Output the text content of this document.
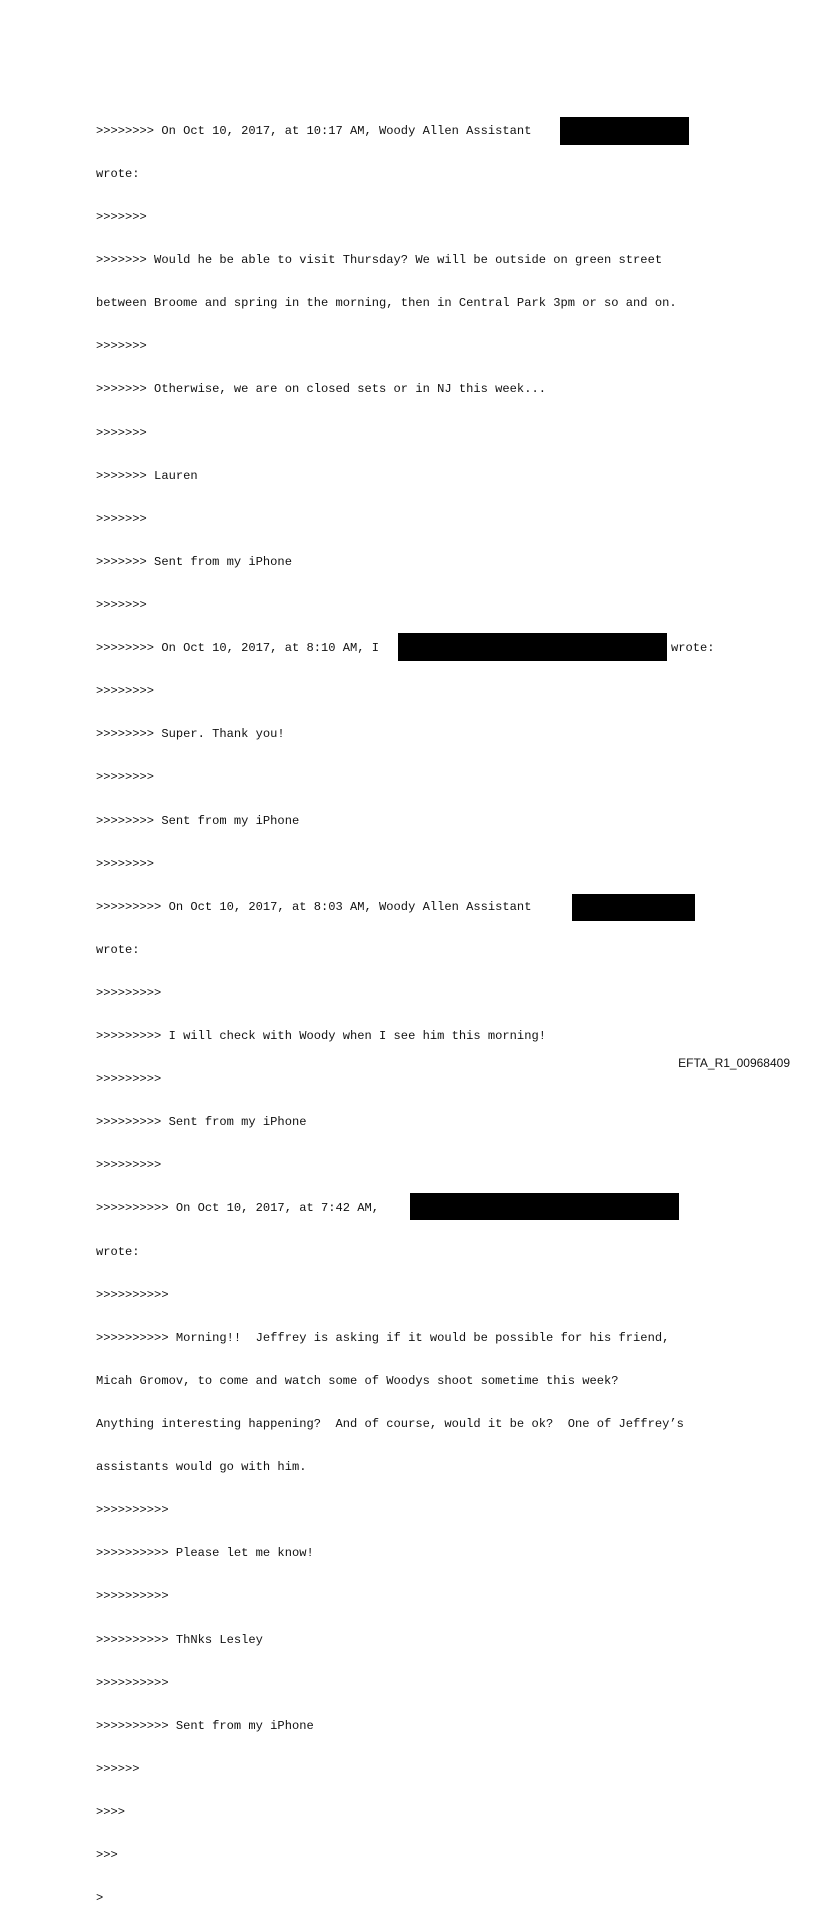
>>>>>>>> On Oct 10, 2017, at 10:17 AM, Woody Allen Assistant

wrote:

>>>>>>>

>>>>>>> Would he be able to visit Thursday? We will be outside on green street

between Broome and spring in the morning, then in Central Park 3pm or so and on.

>>>>>>>

>>>>>>> Otherwise, we are on closed sets or in NJ this week...

>>>>>>>

>>>>>>> Lauren

>>>>>>>

>>>>>>> Sent from my iPhone

>>>>>>>

>>>>>>>> On Oct 10, 2017, at 8:10 AM, I	wrote:

>>>>>>>>

>>>>>>>> Super. Thank you!

>>>>>>>>

>>>>>>>> Sent from my iPhone

>>>>>>>>

>>>>>>>>> On Oct 10, 2017, at 8:03 AM, Woody Allen Assistant

wrote:

>>>>>>>>>

>>>>>>>>> I will check with Woody when I see him this morning!

>>>>>>>>>

>>>>>>>>> Sent from my iPhone

>>>>>>>>>

>>>>>>>>>> On Oct 10, 2017, at 7:42 AM,

wrote:

>>>>>>>>>>

>>>>>>>>>> Morning!!  Jeffrey is asking if it would be possible for his friend,

Micah Gromov, to come and watch some of Woodys shoot sometime this week?

Anything interesting happening?  And of course, would it be ok?  One of Jeffrey’s

assistants would go with him.

>>>>>>>>>>

>>>>>>>>>> Please let me know!

>>>>>>>>>>

>>>>>>>>>> ThNks Lesley

>>>>>>>>>>

>>>>>>>>>> Sent from my iPhone

>>>>>>

>>>>

>>>

>

EFTA_R1_00968409
